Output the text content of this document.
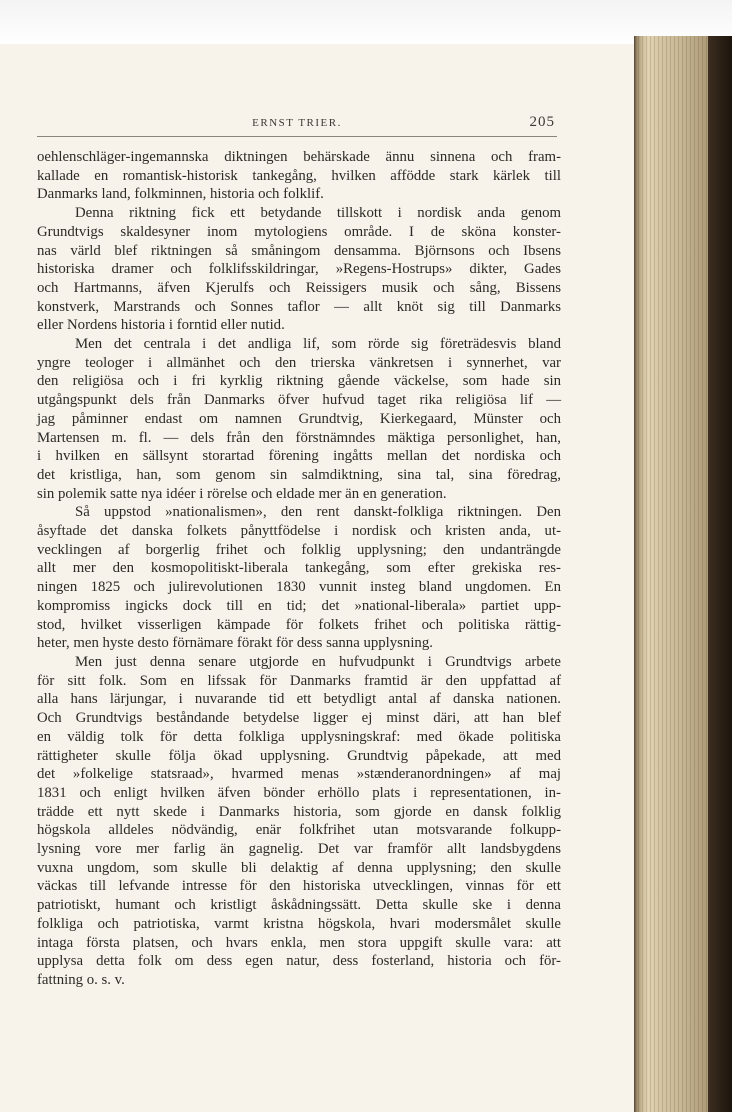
ERNST TRIER.	205

oehlenschläger-ingemannska diktningen behärskade ännu sinnena och fram-
kallade en romantisk-historisk tankegång, hvilken affödde stark kärlek till
Danmarks land, folkminnen, historia och folklif.

Denna riktning fick ett betydande tillskott i nordisk anda genom
Grundtvigs skaldesyner inom mytologiens område. I de sköna konster-
nas värld blef riktningen så småningom densamma. Björnsons och Ibsens
historiska dramer och folklifsskildringar, »Regens-Hostrups» dikter, Gades
och Hartmanns, äfven Kjerulfs och Reissigers musik och sång, Bissens
konstverk, Marstrands och Sonnes taflor — allt knöt sig till Danmarks
eller Nordens historia i forntid eller nutid.

Men det centrala i det andliga lif, som rörde sig företrädesvis bland
yngre teologer i allmänhet och den trierska vänkretsen i synnerhet, var
den religiösa och i fri kyrklig riktning gående väckelse, som hade sin
utgångspunkt dels från Danmarks öfver hufvud taget rika religiösa lif —
jag påminner endast om namnen Grundtvig, Kierkegaard, Münster och
Martensen m. fl. — dels från den förstnämndes mäktiga personlighet, han,
i hvilken en sällsynt storartad förening ingåtts mellan det nordiska och
det kristliga, han, som genom sin salmdiktning, sina tal, sina föredrag,
sin polemik satte nya idéer i rörelse och eldade mer än en generation.

Så uppstod »nationalismen», den rent danskt-folkliga riktningen. Den
åsyftade det danska folkets pånyttfödelse i nordisk och kristen anda, ut-
vecklingen af borgerlig frihet och folklig upplysning; den undanträngde
allt mer den kosmopolitiskt-liberala tankegång, som efter grekiska res-
ningen 1825 och julirevolutionen 1830 vunnit insteg bland ungdomen. En
kompromiss ingicks dock till en tid; det »national-liberala» partiet upp-
stod, hvilket visserligen kämpade för folkets frihet och politiska rättig-
heter, men hyste desto förnämare förakt för dess sanna upplysning.

Men just denna senare utgjorde en hufvudpunkt i Grundtvigs arbete
för sitt folk. Som en lifssak för Danmarks framtid är den uppfattad af
alla hans lärjungar, i nuvarande tid ett betydligt antal af danska nationen.
Och Grundtvigs beståndande betydelse ligger ej minst däri, att han blef
en väldig tolk för detta folkliga upplysningskraf: med ökade politiska
rättigheter skulle följa ökad upplysning. Grundtvig påpekade, att med
det »folkelige statsraad», hvarmed menas »stænderanordningen» af maj
1831 och enligt hvilken äfven bönder erhöllo plats i representationen, in-
trädde ett nytt skede i Danmarks historia, som gjorde en dansk folklig
högskola alldeles nödvändig, enär folkfrihet utan motsvarande folkupp-
lysning vore mer farlig än gagnelig. Det var framför allt landsbygdens
vuxna ungdom, som skulle bli delaktig af denna upplysning; den skulle
väckas till lefvande intresse för den historiska utvecklingen, vinnas för ett
patriotiskt, humant och kristligt åskådningssätt. Detta skulle ske i denna
folkliga och patriotiska, varmt kristna högskola, hvari modersmålet skulle
intaga första platsen, och hvars enkla, men stora uppgift skulle vara: att
upplysa detta folk om dess egen natur, dess fosterland, historia och för-
fattning o. s. v.
